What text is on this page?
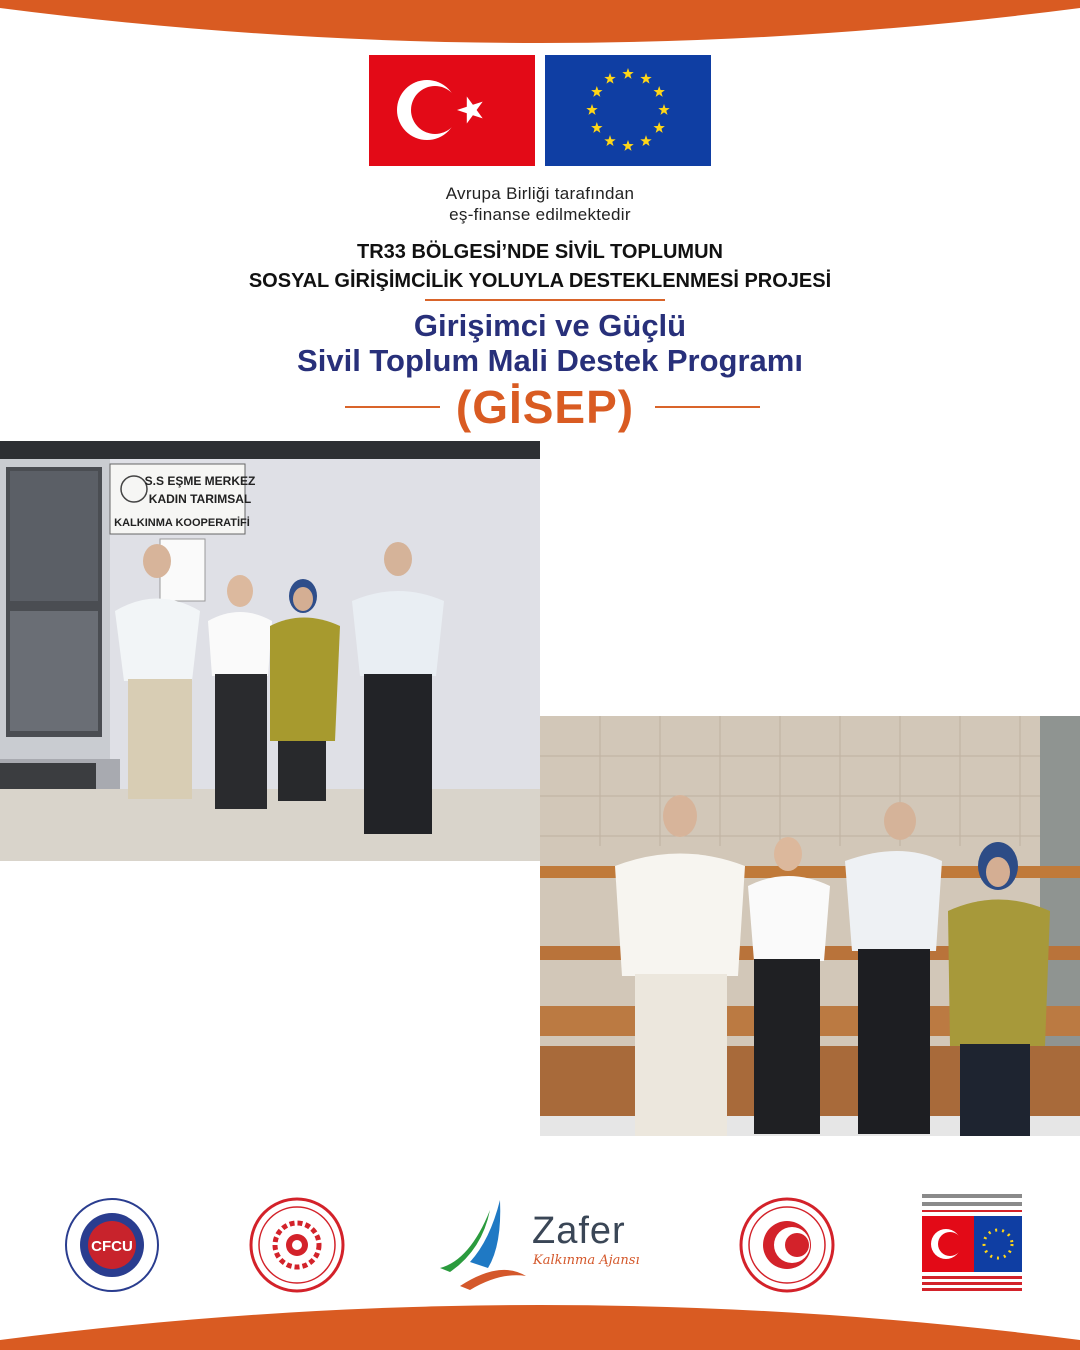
Avrupa Birliği tarafından
eş-finanse edilmektedir
TR33 BÖLGESİ’NDE SİVİL TOPLUMUN
SOSYAL GİRİŞİMCİLİK YOLUYLA DESTEKLENMESİ PROJESİ
Girişimci ve Güçlü
Sivil Toplum Mali Destek Programı
(GİSEP)
S.S EŞME MERKEZ
KADIN TARIMSAL
KALKINMA KOOPERATİFİ
CFCU	Zafer
Kalkınma Ajansı
